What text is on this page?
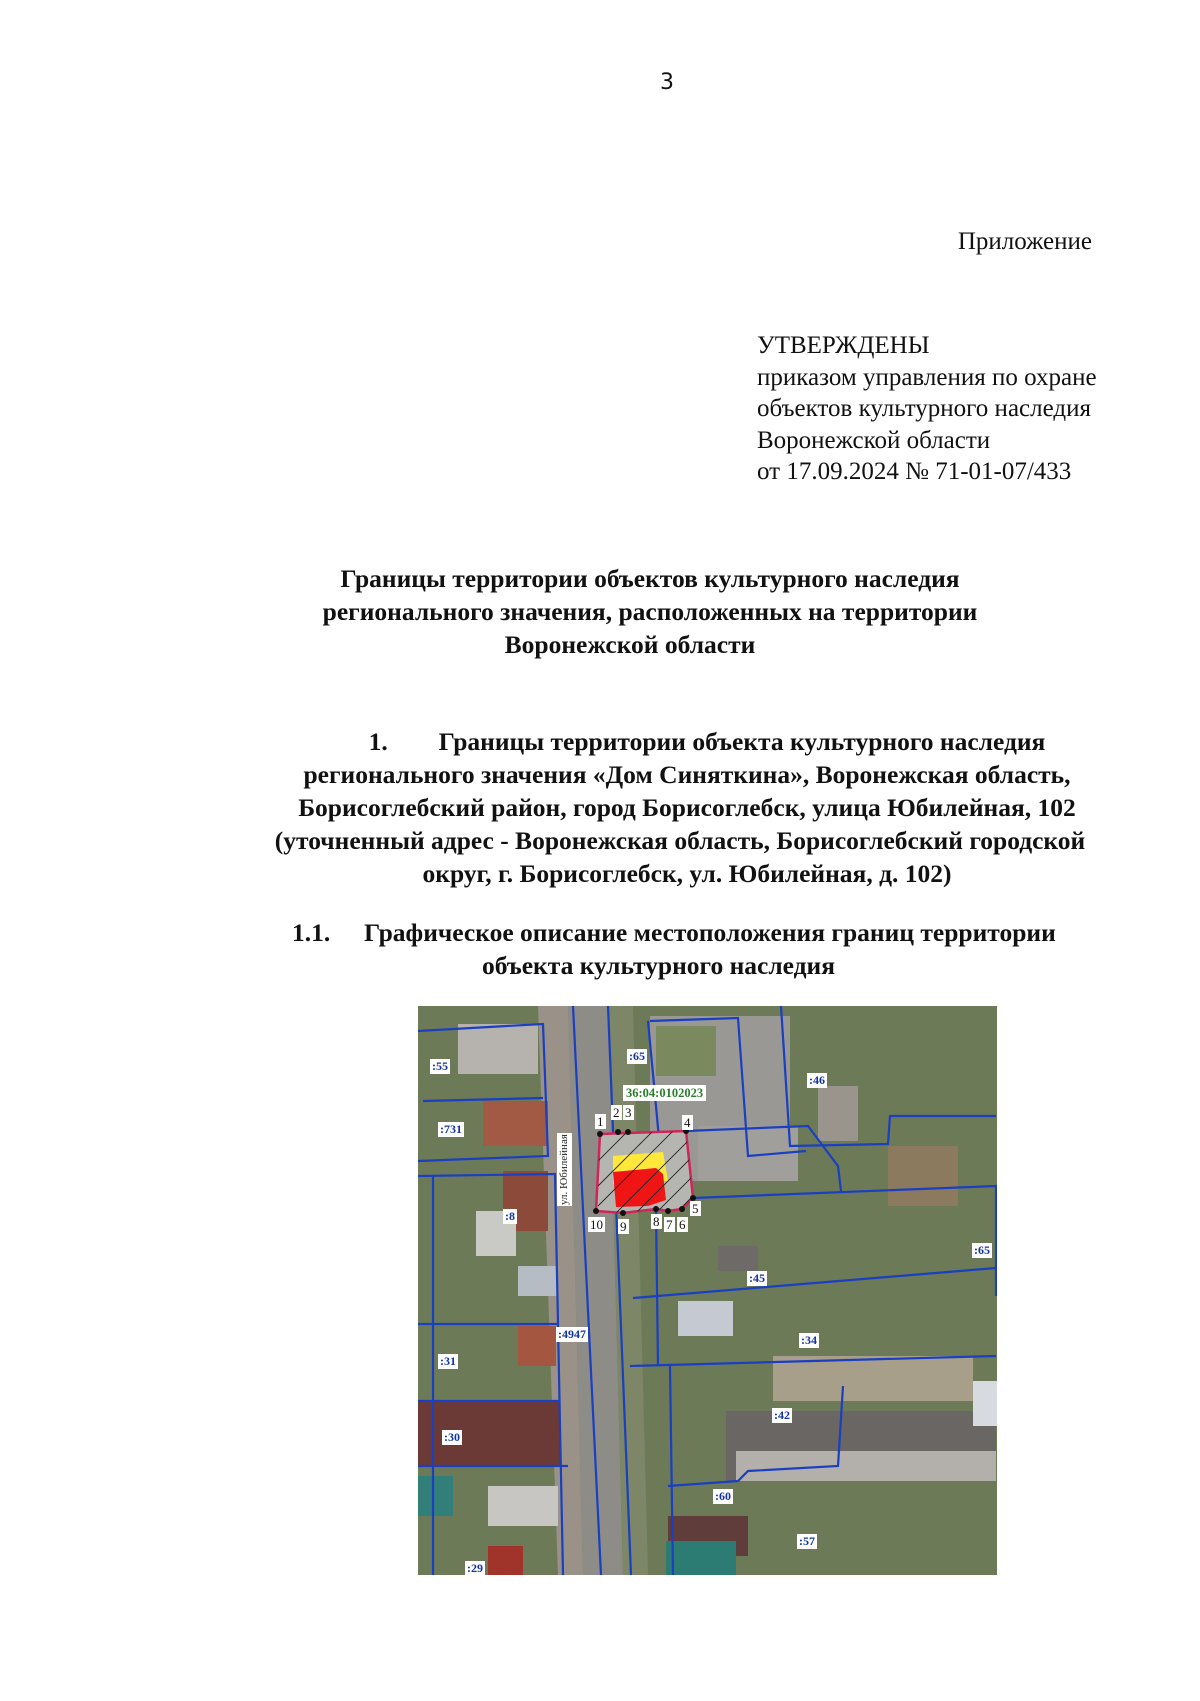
3
Приложение
УТВЕРЖДЕНЫ
приказом управления по охране
объектов культурного наследия
Воронежской области
от 17.09.2024 № 71-01-07/433
Границы территории объектов культурного наследия
регионального значения, расположенных на территории
Воронежской области
1. Границы территории объекта культурного наследия
регионального значения «Дом Синяткина», Воронежская область,
Борисоглебский район, город Борисоглебск, улица Юбилейная, 102
(уточненный адрес - Воронежская область, Борисоглебский городской
округ, г. Борисоглебск, ул. Юбилейная, д. 102)
1.1. Графическое описание местоположения границ территории
объекта культурного наследия
36:04:0102023
ул. Юбилейная
:55
:731
:8
:65
:46
:65
:45
:4947	:34
:31
:42
:30
:60
:57
:29
1
2 3
4
5
6
7
8
9
10
